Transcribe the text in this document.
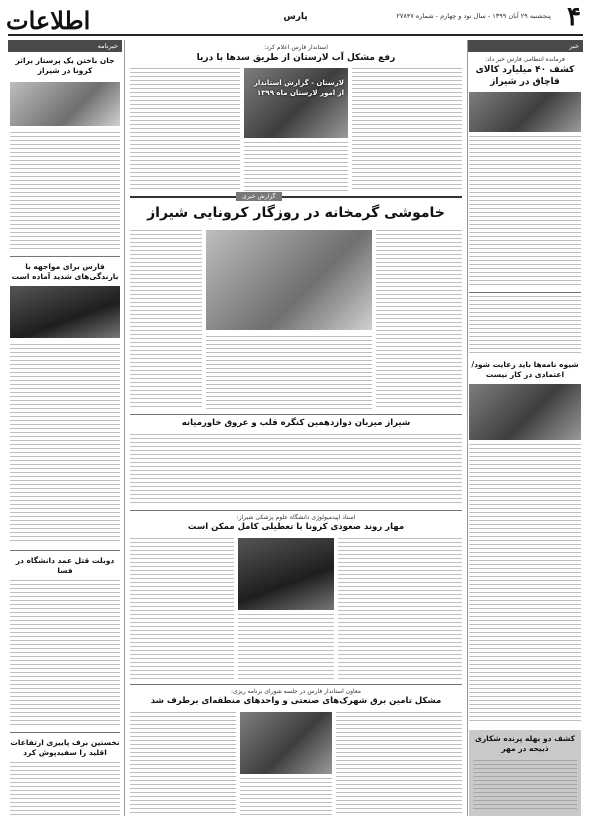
اطلاعات	۴
پنجشنبه ۲۹ آبان ۱۳۹۹ - سال نود و چهارم - شماره ۲۷۸۴۷
پارس
خبر
فرمانده انتظامی فارس خبر داد:
کشف ۴۰ میلیارد کالای قاچاق در شیراز
شیوه نامه‌ها باید رعایت شود/ اعتمادی در کار نیست
کشف دو بهله پرنده شکاری ذبیحه در مهر
خبرنامه
جان باختن یک پرستار براثر کرونا در شیراز
فارس برای مواجهه با بارندگی‌های شدید آماده است
دوبلت قتل عمد دانشگاه در فسا
نخستین برف پاییزی ارتفاعات اقلید را سفیدپوش کرد
استاندار فارس اعلام کرد:
رفع مشکل آب لارستان از طریق سدها با دریا
لارستان - گزارش استاندار از امور لارستان ماه ۱۳۹۹
گزارش خبری
خاموشی گرمخانه در روزگار کرونایی شیراز
شیراز میزبان دوازدهمین کنگره قلب و عروق خاورمیانه
استاد اپیدمیولوژی دانشگاه علوم پزشکی شیراز:
مهار روند صعودی کرونا با تعطیلی کامل ممکن است
معاون استاندار فارس در جلسه شورای برنامه ریزی:
مشکل تامین برق شهرک‌های صنعتی و واحدهای منطقه‌ای برطرف شد
